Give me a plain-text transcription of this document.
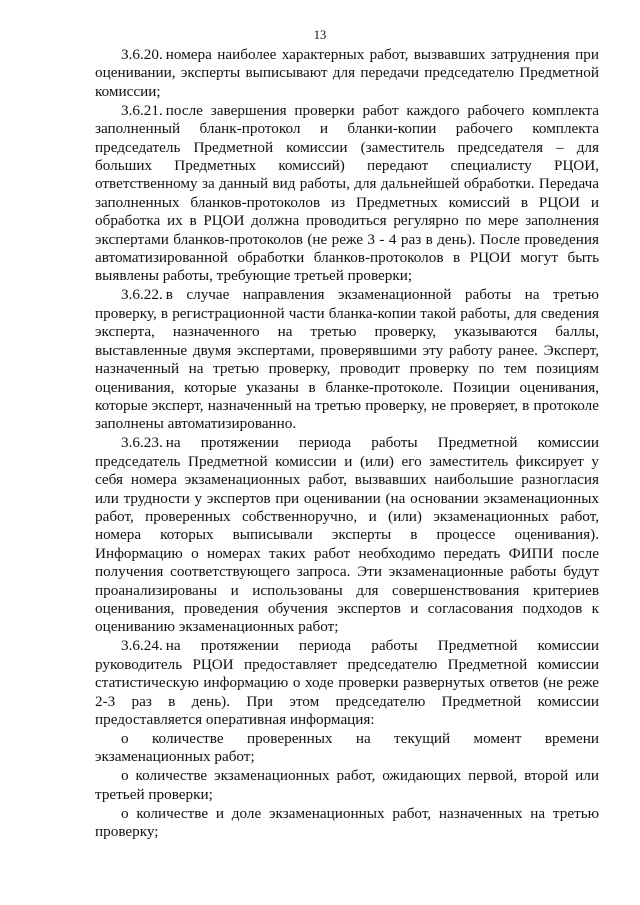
13

3.6.20. номера наиболее характерных работ, вызвавших затруднения при оценивании, эксперты выписывают для передачи председателю Предметной комиссии;

3.6.21. после завершения проверки работ каждого рабочего комплекта заполненный бланк-протокол и бланки-копии рабочего комплекта председатель Предметной комиссии (заместитель председателя – для больших Предметных комиссий) передают специалисту РЦОИ, ответственному за данный вид работы, для дальнейшей обработки. Передача заполненных бланков-протоколов из Предметных комиссий в РЦОИ и обработка их в РЦОИ должна проводиться регулярно по мере заполнения экспертами бланков-протоколов (не реже 3 - 4 раз в день). После проведения автоматизированной обработки бланков-протоколов в РЦОИ могут быть выявлены работы, требующие третьей проверки;

3.6.22. в случае направления экзаменационной работы на третью проверку, в регистрационной части бланка-копии такой работы, для сведения эксперта, назначенного на третью проверку, указываются баллы, выставленные двумя экспертами, проверявшими эту работу ранее. Эксперт, назначенный на третью проверку, проводит проверку по тем позициям оценивания, которые указаны в бланке-протоколе. Позиции оценивания, которые эксперт, назначенный на третью проверку, не проверяет, в протоколе заполнены автоматизированно.

3.6.23. на протяжении периода работы Предметной комиссии председатель Предметной комиссии и (или) его заместитель фиксирует у себя номера экзаменационных работ, вызвавших наибольшие разногласия или трудности у экспертов при оценивании (на основании экзаменационных работ, проверенных собственноручно, и (или) экзаменационных работ, номера которых выписывали эксперты в процессе оценивания). Информацию о номерах таких работ необходимо передать ФИПИ после получения соответствующего запроса. Эти экзаменационные работы будут проанализированы и использованы для совершенствования критериев оценивания, проведения обучения экспертов и согласования подходов к оцениванию экзаменационных работ;

3.6.24. на протяжении периода работы Предметной комиссии руководитель РЦОИ предоставляет председателю Предметной комиссии статистическую информацию о ходе проверки развернутых ответов (не реже 2-3 раз в день). При этом председателю Предметной комиссии предоставляется оперативная информация:

о количестве проверенных на текущий момент времени экзаменационных работ;

о количестве экзаменационных работ, ожидающих первой, второй или третьей проверки;

о количестве и доле экзаменационных работ, назначенных на третью проверку;
